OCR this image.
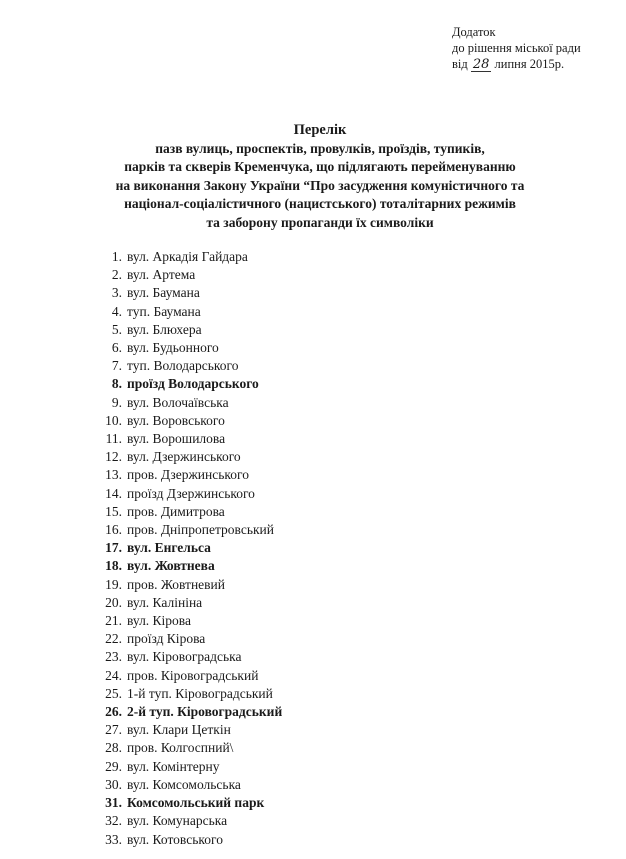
Додаток
до рішення міської ради
від 28 липня 2015р.
Перелік
пазв вулиць, проспектів, провулків, проїздів, тупиків,
парків та скверів Кременчука, що підлягають перейменуванню
на виконання Закону України “Про засудження комуністичного та
націонал-соціалістичного (нацистського) тоталітарних режимів
та заборону пропаганди їх символіки
1. вул. Аркадія Гайдара
2. вул. Артема
3. вул. Баумана
4. туп. Баумана
5. вул. Блюхера
6. вул. Будьонного
7. туп. Володарського
8. проїзд Володарського
9. вул. Волочаївська
10. вул. Воровського
11. вул. Ворошилова
12. вул. Дзержинського
13. пров. Дзержинського
14. проїзд Дзержинського
15. пров. Димитрова
16. пров. Дніпропетровський
17. вул. Енгельса
18. вул. Жовтнева
19. пров. Жовтневий
20. вул. Калініна
21. вул. Кірова
22. проїзд Кірова
23. вул. Кіровоградська
24. пров. Кіровоградський
25. 1-й туп. Кіровоградський
26. 2-й туп. Кіровоградський
27. вул. Клари Цеткін
28. пров. Колгоспний\
29. вул. Комінтерну
30. вул. Комсомольська
31. Комсомольський парк
32. вул. Комунарська
33. вул. Котовського
